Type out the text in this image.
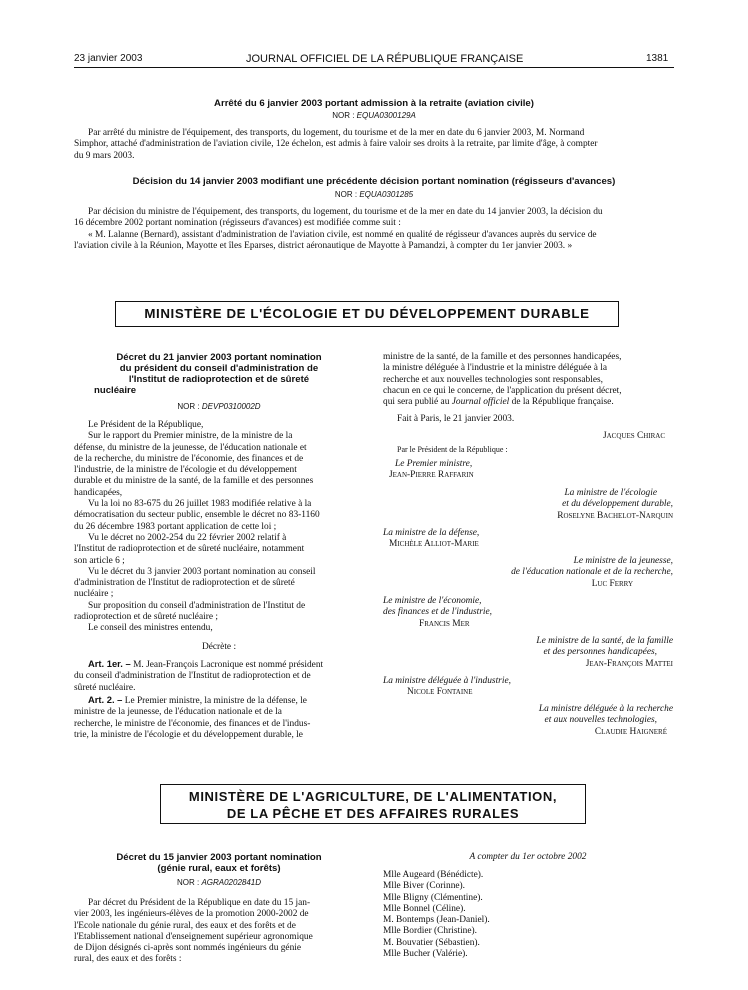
23 janvier 2003	JOURNAL OFFICIEL DE LA RÉPUBLIQUE FRANÇAISE	1381
Arrêté du 6 janvier 2003 portant admission à la retraite (aviation civile)
NOR : EQUA0300129A
Par arrêté du ministre de l'équipement, des transports, du logement, du tourisme et de la mer en date du 6 janvier 2003, M. Normand
Simphor, attaché d'administration de l'aviation civile, 12e échelon, est admis à faire valoir ses droits à la retraite, par limite d'âge, à compter
du 9 mars 2003.
Décision du 14 janvier 2003 modifiant une précédente décision portant nomination (régisseurs d'avances)
NOR : EQUA0301285
Par décision du ministre de l'équipement, des transports, du logement, du tourisme et de la mer en date du 14 janvier 2003, la décision du
16 décembre 2002 portant nomination (régisseurs d'avances) est modifiée comme suit :
« M. Lalanne (Bernard), assistant d'administration de l'aviation civile, est nommé en qualité de régisseur d'avances auprès du service de
l'aviation civile à la Réunion, Mayotte et îles Eparses, district aéronautique de Mayotte à Pamandzi, à compter du 1er janvier 2003. »
MINISTÈRE DE L'ÉCOLOGIE ET DU DÉVELOPPEMENT DURABLE
Décret du 21 janvier 2003 portant nomination
du président du conseil d'administration de
l'Institut de radioprotection et de sûreté
nucléaire
NOR : DEVP0310002D
Le Président de la République,
Sur le rapport du Premier ministre, de la ministre de la
défense, du ministre de la jeunesse, de l'éducation nationale et
de la recherche, du ministre de l'économie, des finances et de
l'industrie, de la ministre de l'écologie et du développement
durable et du ministre de la santé, de la famille et des personnes
handicapées,
Vu la loi no 83-675 du 26 juillet 1983 modifiée relative à la
démocratisation du secteur public, ensemble le décret no 83-1160
du 26 décembre 1983 portant application de cette loi ;
Vu le décret no 2002-254 du 22 février 2002 relatif à
l'Institut de radioprotection et de sûreté nucléaire, notamment
son article 6 ;
Vu le décret du 3 janvier 2003 portant nomination au conseil
d'administration de l'Institut de radioprotection et de sûreté
nucléaire ;
Sur proposition du conseil d'administration de l'Institut de
radioprotection et de sûreté nucléaire ;
Le conseil des ministres entendu,
Décrète :
Art. 1er. – M. Jean-François Lacronique est nommé président
du conseil d'administration de l'Institut de radioprotection et de
sûreté nucléaire.
Art. 2. – Le Premier ministre, la ministre de la défense, le
ministre de la jeunesse, de l'éducation nationale et de la
recherche, le ministre de l'économie, des finances et de l'indus-
trie, la ministre de l'écologie et du développement durable, le
ministre de la santé, de la famille et des personnes handicapées,
la ministre déléguée à l'industrie et la ministre déléguée à la
recherche et aux nouvelles technologies sont responsables,
chacun en ce qui le concerne, de l'application du présent décret,
qui sera publié au Journal officiel de la République française.
Fait à Paris, le 21 janvier 2003.
Jacques Chirac
Par le Président de la République :
Le Premier ministre,
Jean-Pierre Raffarin
La ministre de l'écologie
et du développement durable,
Roselyne Bachelot-Narquin
La ministre de la défense,
Michèle Alliot-Marie
Le ministre de la jeunesse,
de l'éducation nationale et de la recherche,
Luc Ferry
Le ministre de l'économie,
des finances et de l'industrie,
Francis Mer
Le ministre de la santé, de la famille
et des personnes handicapées,
Jean-François Mattei
La ministre déléguée à l'industrie,
Nicole Fontaine
La ministre déléguée à la recherche
et aux nouvelles technologies,
Claudie Haigneré
MINISTÈRE DE L'AGRICULTURE, DE L'ALIMENTATION,
DE LA PÊCHE ET DES AFFAIRES RURALES
Décret du 15 janvier 2003 portant nomination
(génie rural, eaux et forêts)
NOR : AGRA0202841D
Par décret du Président de la République en date du 15 jan-
vier 2003, les ingénieurs-élèves de la promotion 2000-2002 de
l'Ecole nationale du génie rural, des eaux et des forêts et de
l'Etablissement national d'enseignement supérieur agronomique
de Dijon désignés ci-après sont nommés ingénieurs du génie
rural, des eaux et des forêts :
A compter du 1er octobre 2002
Mlle Augeard (Bénédicte).
Mlle Biver (Corinne).
Mlle Bligny (Clémentine).
Mlle Bonnel (Céline).
M. Bontemps (Jean-Daniel).
Mlle Bordier (Christine).
M. Bouvatier (Sébastien).
Mlle Bucher (Valérie).
